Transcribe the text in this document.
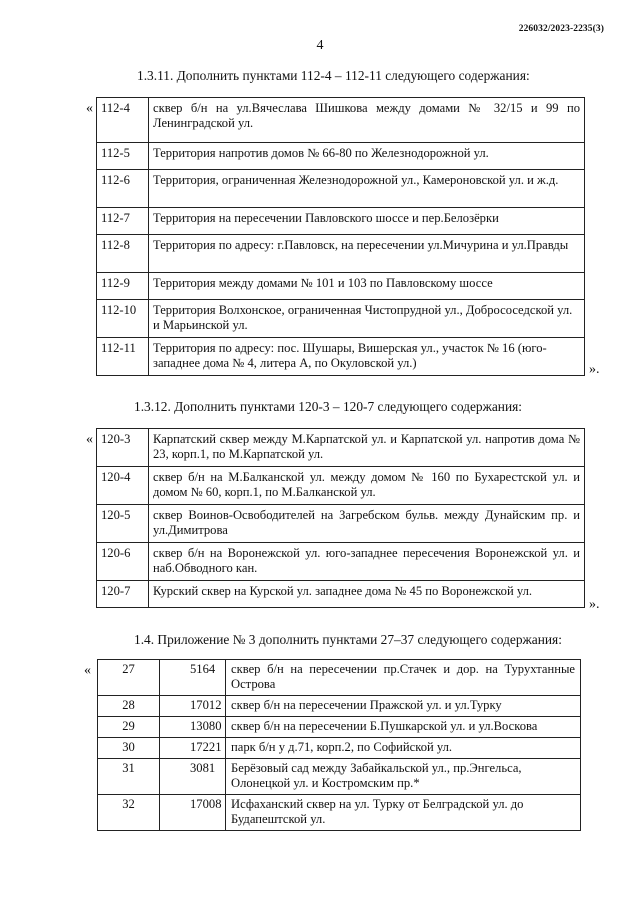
226032/2023-2235(3)
4
1.3.11. Дополнить пунктами 112-4 – 112-11 следующего содержания:
« 112-4	сквер б/н на ул.Вячеслава Шишкова между домами № 32/15 и 99 по Ленинградской ул.
112-5	Территория напротив домов № 66-80 по Железнодорожной ул.
112-6	Территория, ограниченная Железнодорожной ул., Камероновской ул. и ж.д.
112-7	Территория на пересечении Павловского шоссе и пер.Белозёрки
112-8	Территория по адресу: г.Павловск, на пересечении ул.Мичурина и ул.Правды
112-9	Территория между домами № 101 и 103 по Павловскому шоссе
112-10	Территория Волхонское, ограниченная Чистопрудной ул., Добрососедской ул. и Марьинской ул.
112-11	Территория по адресу: пос. Шушары, Вишерская ул., участок № 16 (юго-западнее дома № 4, литера А, по Окуловской ул.)	».
1.3.12. Дополнить пунктами 120-3 – 120-7 следующего содержания:
« 120-3	Карпатский сквер между М.Карпатской ул. и Карпатской ул. напротив дома № 23, корп.1, по М.Карпатской ул.
120-4	сквер б/н на М.Балканской ул. между домом № 160 по Бухарестской ул. и домом № 60, корп.1, по М.Балканской ул.
120-5	сквер Воинов-Освободителей на Загребском бульв. между Дунайским пр. и ул.Димитрова
120-6	сквер б/н на Воронежской ул. юго-западнее пересечения Воронежской ул. и наб.Обводного кан.
120-7	Курский сквер на Курской ул. западнее дома № 45 по Воронежской ул.
».
1.4. Приложение № 3 дополнить пунктами 27–37 следующего содержания:
« 27	5164	сквер б/н на пересечении пр.Стачек и дор. на Турухтанные Острова
28	17012	сквер б/н на пересечении Пражской ул. и ул.Турку
29	13080	сквер б/н на пересечении Б.Пушкарской ул. и ул.Воскова
30	17221	парк б/н у д.71, корп.2, по Софийской ул.
31	3081	Берёзовый сад между Забайкальской ул., пр.Энгельса, Олонецкой ул. и Костромским пр.*
32	17008	Исфаханский сквер на ул. Турку от Белградской ул. до Будапештской ул.
